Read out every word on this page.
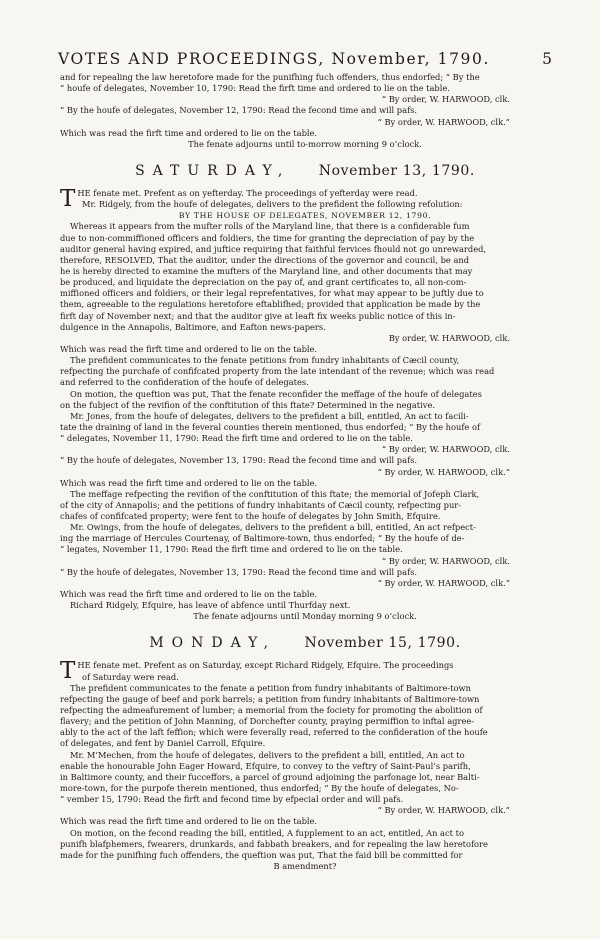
VOTES AND PROCEEDINGS, November, 1790.	5
and for repealing the law heretofore made for the punifhing fuch offenders, thus endorfed; “ By the
“ houfe of delegates, November 10, 1790: Read the firft time and ordered to lie on the table.
“ By order, W. HARWOOD, clk.
“ By the houfe of delegates, November 12, 1790: Read the fecond time and will pafs.
“ By order, W. HARWOOD, clk.”
Which was read the firft time and ordered to lie on the table.
The fenate adjourns until to-morrow morning 9 o’clock.
SATURDAY, November 13, 1790.
THE fenate met. Prefent as on yefterday. The proceedings of yefterday were read.
Mr. Ridgely, from the houfe of delegates, delivers to the prefident the following refolution:
BY THE HOUSE OF DELEGATES, NOVEMBER 12, 1790.
Whereas it appears from the mufter rolls of the Maryland line, that there is a confiderable fum
due to non-commiffioned officers and foldiers, the time for granting the depreciation of pay by the
auditor general having expired, and juftice requiring that faithful fervices fhould not go unrewarded,
therefore, RESOLVED, That the auditor, under the directions of the governor and council, be and
he is hereby directed to examine the mufters of the Maryland line, and other documents that may
be produced, and liquidate the depreciation on the pay of, and grant certificates to, all non-com-
miffioned officers and foldiers, or their legal reprefentatives, for what may appear to be juftly due to
them, agreeable to the regulations heretofore eftablifhed; provided that application be made by the
firft day of November next; and that the auditor give at leaft fix weeks public notice of this in-
dulgence in the Annapolis, Baltimore, and Eafton news-papers.
By order, W. HARWOOD, clk.
Which was read the firft time and ordered to lie on the table.
The prefident communicates to the fenate petitions from fundry inhabitants of Cæcil county,
refpecting the purchafe of confifcated property from the late intendant of the revenue; which was read
and referred to the confideration of the houfe of delegates.
On motion, the queftion was put, That the fenate reconfider the meffage of the houfe of delegates
on the fubject of the revifion of the conftitution of this ftate? Determined in the negative.
Mr. Jones, from the houfe of delegates, delivers to the prefident a bill, entitled, An act to facili-
tate the draining of land in the feveral counties therein mentioned, thus endorfed; “ By the houfe of
“ delegates, November 11, 1790: Read the firft time and ordered to lie on the table.
“ By order, W. HARWOOD, clk.
“ By the houfe of delegates, November 13, 1790: Read the fecond time and will pafs.
“ By order, W. HARWOOD, clk.”
Which was read the firft time and ordered to lie on the table.
The meffage refpecting the revifion of the conftitution of this ftate; the memorial of Jofeph Clark,
of the city of Annapolis; and the petitions of fundry inhabitants of Cæcil county, refpecting pur-
chafes of confifcated property; were fent to the houfe of delegates by John Smith, Efquire.
Mr. Owings, from the houfe of delegates, delivers to the prefident a bill, entitled, An act refpect-
ing the marriage of Hercules Courtenay, of Baltimore-town, thus endorfed; “ By the houfe of de-
“ legates, November 11, 1790: Read the firft time and ordered to lie on the table.
“ By order, W. HARWOOD, clk.
“ By the houfe of delegates, November 13, 1790: Read the fecond time and will pafs.
“ By order, W. HARWOOD, clk.”
Which was read the firft time and ordered to lie on the table.
Richard Ridgely, Efquire, has leave of abfence until Thurfday next.
The fenate adjourns until Monday morning 9 o’clock.
MONDAY, November 15, 1790.
THE fenate met. Prefent as on Saturday, except Richard Ridgely, Efquire. The proceedings
of Saturday were read.
The prefident communicates to the fenate a petition from fundry inhabitants of Baltimore-town
refpecting the gauge of beef and pork barrels; a petition from fundry inhabitants of Baltimore-town
refpecting the admeafurement of lumber; a memorial from the fociety for promoting the abolition of
flavery; and the petition of John Manning, of Dorchefter county, praying permiffion to inftal agree-
ably to the act of the laft feffion; which were feverally read, referred to the confideration of the houfe
of delegates, and fent by Daniel Carroll, Efquire.
Mr. M’Mechen, from the houfe of delegates, delivers to the prefident a bill, entitled, An act to
enable the honourable John Eager Howard, Efquire, to convey to the veftry of Saint-Paul’s parifh,
in Baltimore county, and their fucceffors, a parcel of ground adjoining the parfonage lot, near Balti-
more-town, for the purpofe therein mentioned, thus endorfed; “ By the houfe of delegates, No-
“ vember 15, 1790: Read the firft and fecond time by efpecial order and will pafs.
“ By order, W. HARWOOD, clk.”
Which was read the firft time and ordered to lie on the table.
On motion, on the fecond reading the bill, entitled, A fupplement to an act, entitled, An act to
punifh blafphemers, fwearers, drunkards, and fabbath breakers, and for repealing the law heretofore
made for the punifhing fuch offenders, the queftion was put, That the faid bill be committed for
B amendment?
